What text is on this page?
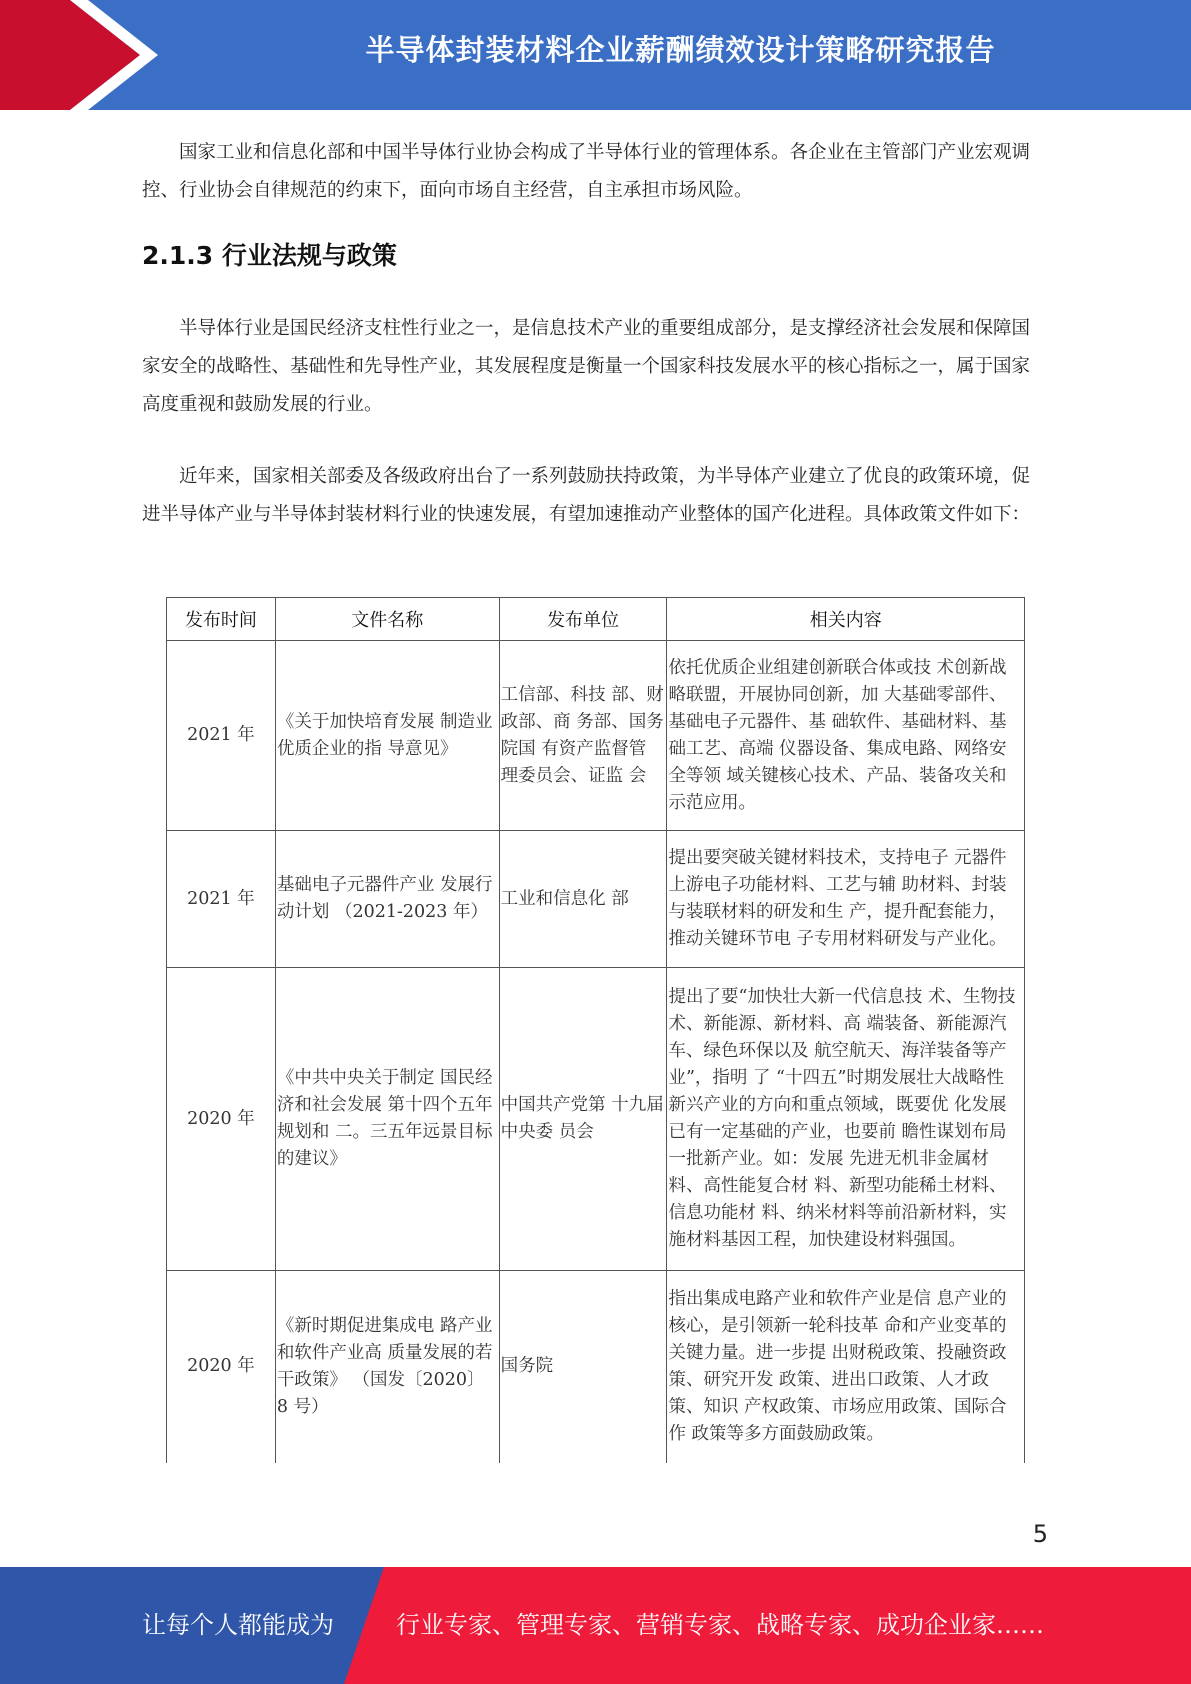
半导体封装材料企业薪酬绩效设计策略研究报告

国家工业和信息化部和中国半导体行业协会构成了半导体行业的管理体系。各企业在主管部门产业宏观调控、行业协会自律规范的约束下，面向市场自主经营，自主承担市场风险。

2.1.3 行业法规与政策

半导体行业是国民经济支柱性行业之一，是信息技术产业的重要组成部分，是支撑经济社会发展和保障国家安全的战略性、基础性和先导性产业，其发展程度是衡量一个国家科技发展水平的核心指标之一，属于国家高度重视和鼓励发展的行业。

近年来，国家相关部委及各级政府出台了一系列鼓励扶持政策，为半导体产业建立了优良的政策环境，促进半导体产业与半导体封装材料行业的快速发展，有望加速推动产业整体的国产化进程。具体政策文件如下：

发布时间	文件名称	发布单位	相关内容
2021 年	《关于加快培育发展 制造业优质企业的指 导意见》	工信部、科技 部、财政部、商 务部、国务院国 有资产监督管 理委员会、证监 会	依托优质企业组建创新联合体或技 术创新战略联盟，开展协同创新，加 大基础零部件、基础电子元器件、基 础软件、基础材料、基础工艺、高端 仪器设备、集成电路、网络安全等领 域关键核心技术、产品、装备攻关和 示范应用。
2021 年	基础电子元器件产业 发展行动计划 （2021-2023 年）	工业和信息化 部	提出要突破关键材料技术，支持电子 元器件上游电子功能材料、工艺与辅 助材料、封装与装联材料的研发和生 产，提升配套能力，推动关键环节电 子专用材料研发与产业化。
2020 年	《中共中央关于制定 国民经济和社会发展 第十四个五年规划和 二。三五年远景目标 的建议》	中国共产党第 十九届中央委 员会	提出了要“加快壮大新一代信息技 术、生物技术、新能源、新材料、高 端装备、新能源汽车、绿色环保以及 航空航天、海洋装备等产业”，指明 了 “十四五”时期发展壮大战略性 新兴产业的方向和重点领域，既要优 化发展已有一定基础的产业，也要前 瞻性谋划布局一批新产业。如：发展 先进无机非金属材料、高性能复合材 料、新型功能稀土材料、信息功能材 料、纳米材料等前沿新材料，实施材料基因工程，加快建设材料强国。
2020 年	《新时期促进集成电 路产业和软件产业高 质量发展的若干政策》 （国发〔2020〕　 8 号）	国务院	指出集成电路产业和软件产业是信 息产业的核心，是引领新一轮科技革 命和产业变革的关键力量。进一步提 出财税政策、投融资政策、研究开发 政策、进出口政策、人才政策、知识 产权政策、市场应用政策、国际合作 政策等多方面鼓励政策。
5
让每个人都能成为	行业专家、管理专家、营销专家、战略专家、成功企业家……
